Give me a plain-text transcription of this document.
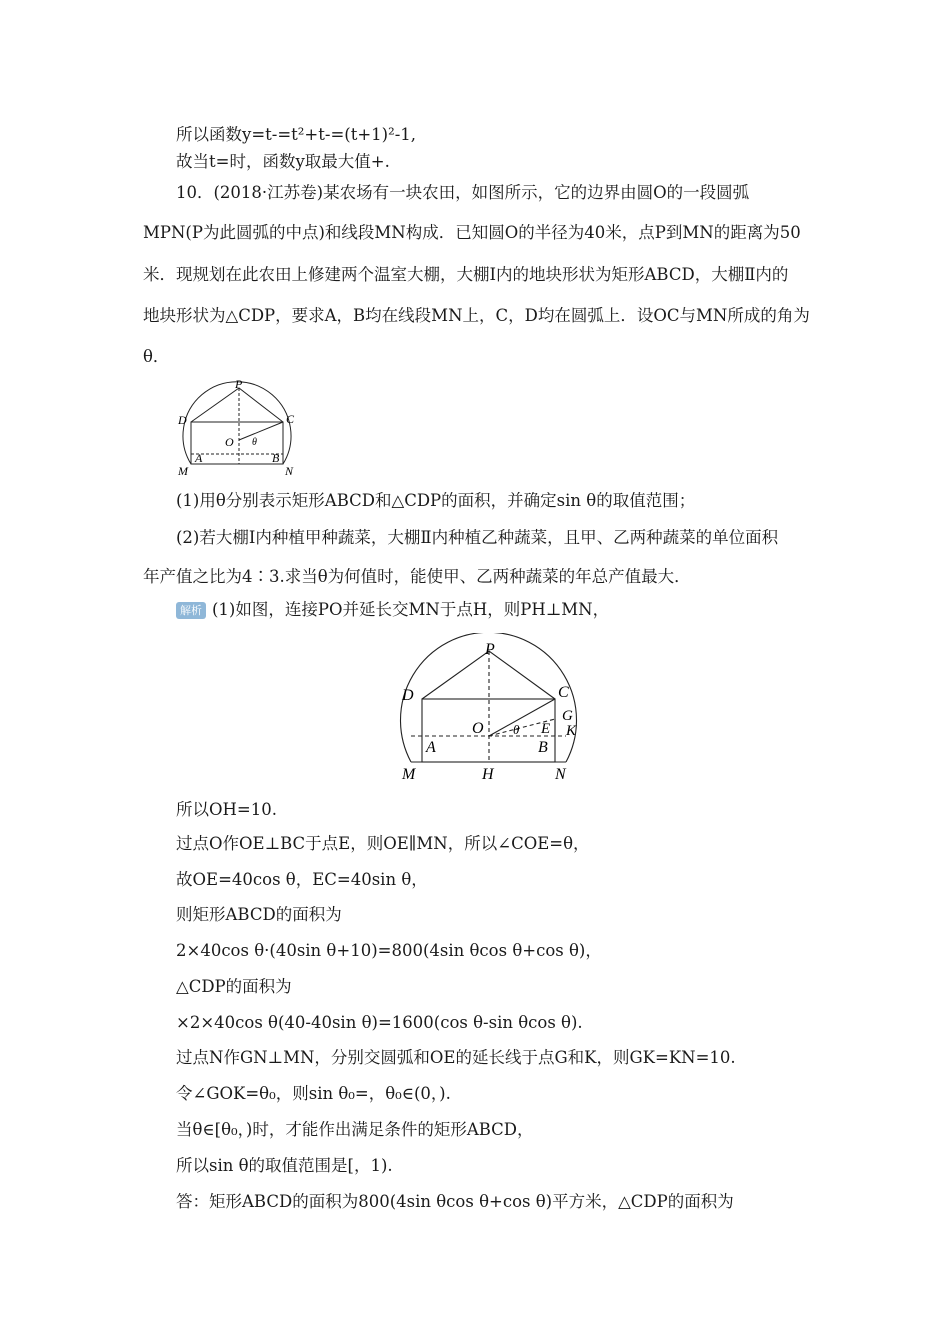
所以函数y=t-=t²+t-=(t+1)²-1,
故当t=时，函数y取最大值+.
10．(2018·江苏卷)某农场有一块农田，如图所示，它的边界由圆O的一段圆弧
MPN(P为此圆弧的中点)和线段MN构成．已知圆O的半径为40米，点P到MN的距离为50
米．现规划在此农田上修建两个温室大棚，大棚Ⅰ内的地块形状为矩形ABCD，大棚Ⅱ内的
地块形状为△CDP，要求A，B均在线段MN上，C，D均在圆弧上．设OC与MN所成的角为
θ．
P
D	C
O θ
M
A	B
N
(1)用θ分别表示矩形ABCD和△CDP的面积，并确定sin θ的取值范围；
(2)若大棚Ⅰ内种植甲种蔬菜，大棚Ⅱ内种植乙种蔬菜，且甲、乙两种蔬菜的单位面积
年产值之比为4∶3.求当θ为何值时，能使甲、乙两种蔬菜的年总产值最大．
解析 (1)如图，连接PO并延长交MN于点H，则PH⊥MN，
P
D	C
O θ E
G
K
A	B
M	H	N
所以OH=10.
过点O作OE⊥BC于点E，则OE∥MN，所以∠COE=θ，
故OE=40cos θ，EC=40sin θ，
则矩形ABCD的面积为
2×40cos θ·(40sin θ+10)=800(4sin θcos θ+cos θ)，
△CDP的面积为
×2×40cos θ(40-40sin θ)=1600(cos θ-sin θcos θ).
过点N作GN⊥MN，分别交圆弧和OE的延长线于点G和K，则GK=KN=10.
令∠GOK=θ₀，则sin θ₀=，θ₀∈(0，).
当θ∈[θ₀，)时，才能作出满足条件的矩形ABCD，
所以sin θ的取值范围是[，1).
答：矩形ABCD的面积为800(4sin θcos θ+cos θ)平方米，△CDP的面积为
